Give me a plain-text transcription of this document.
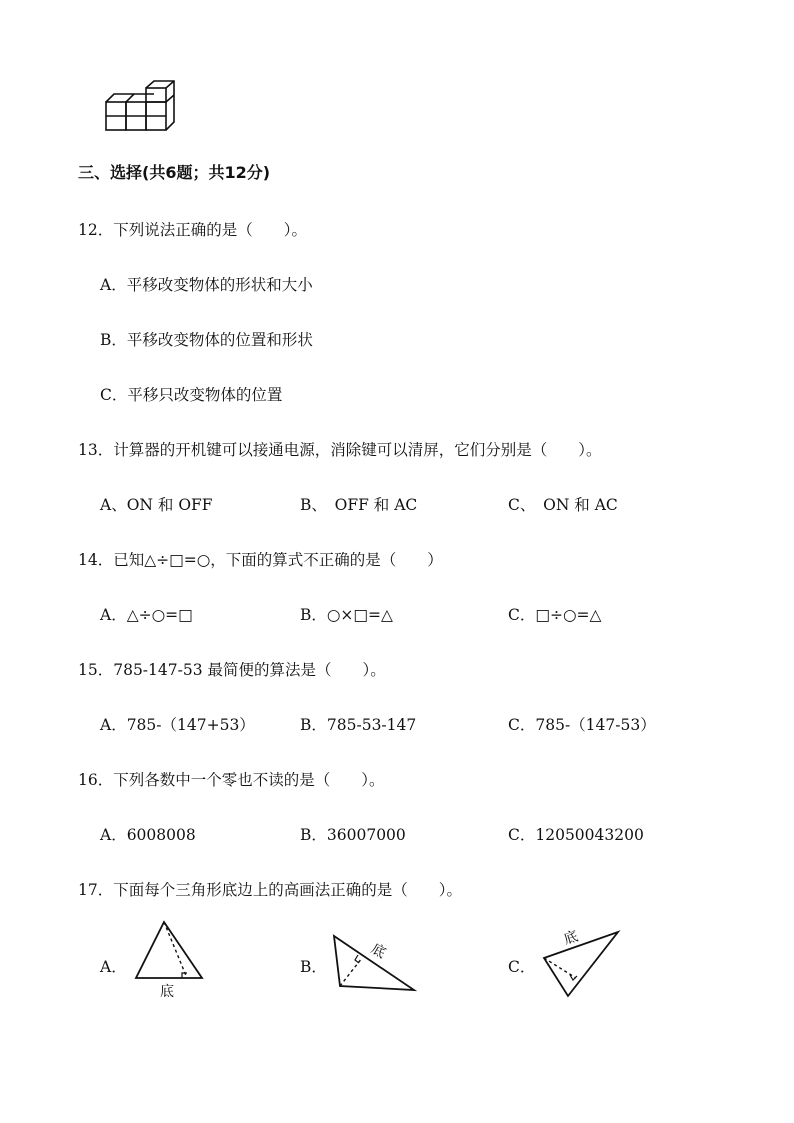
三、选择(共6题；共12分)
12．下列说法正确的是（　　）。
A．平移改变物体的形状和大小
B．平移改变物体的位置和形状
C．平移只改变物体的位置
13．计算器的开机键可以接通电源，消除键可以清屏，它们分别是（　　）。
A、ON 和 OFF	B、　OFF 和 AC	C、　ON 和 AC
14．已知△÷□=○，下面的算式不正确的是（　　）
A．△÷○=□	B．○×□=△	C．□÷○=△
15．785-147-53 最简便的算法是（　　）。
A．785-（147+53）	B．785-53-147	C．785-（147-53）
16．下列各数中一个零也不读的是（　　）。
A．6008008	B．36007000	C．12050043200
17．下面每个三角形底边上的高画法正确的是（　　）。
A．	B．	C．
底
底
底
